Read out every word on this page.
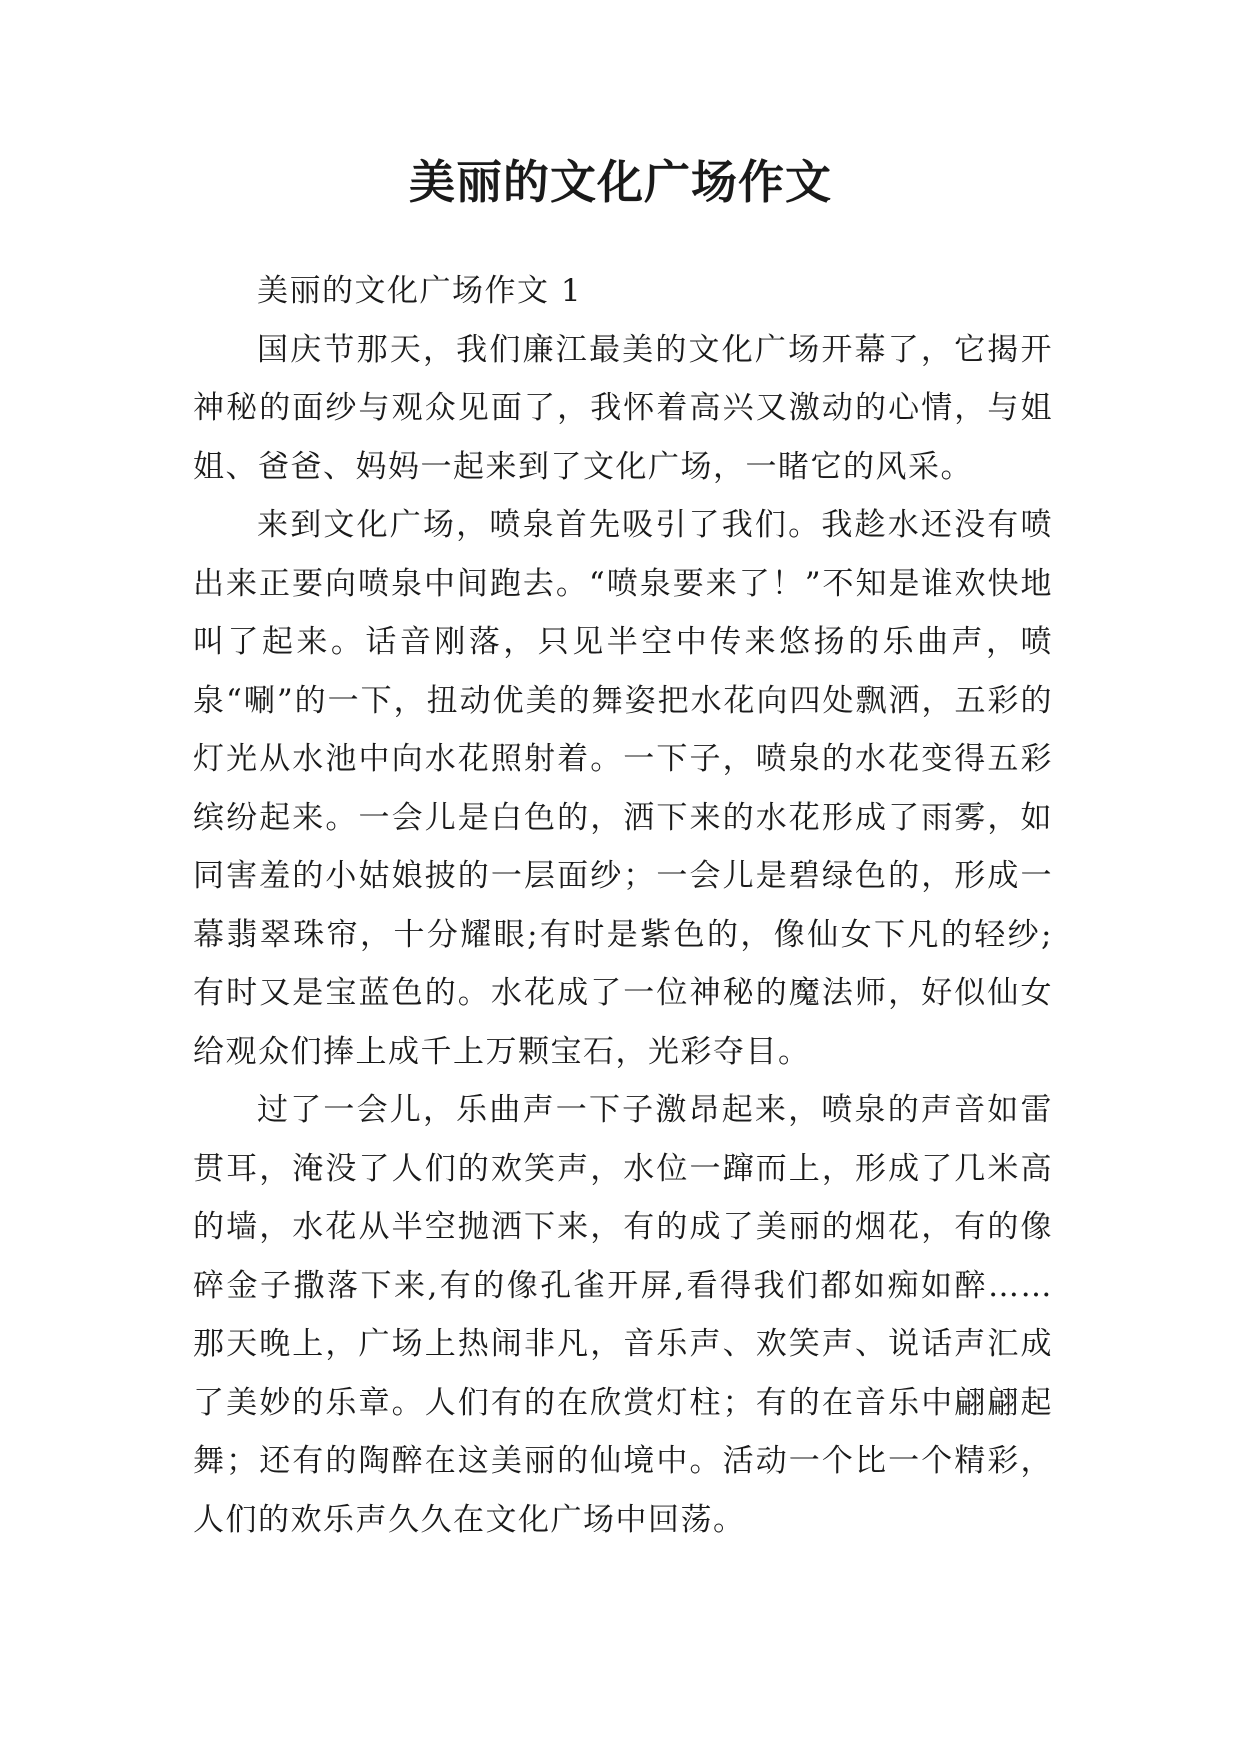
美丽的文化广场作文

美丽的文化广场作文 1

国庆节那天，我们廉江最美的文化广场开幕了，它揭开神秘的面纱与观众见面了，我怀着高兴又激动的心情，与姐姐、爸爸、妈妈一起来到了文化广场，一睹它的风采。

来到文化广场，喷泉首先吸引了我们。我趁水还没有喷出来正要向喷泉中间跑去。“喷泉要来了！”不知是谁欢快地叫了起来。话音刚落，只见半空中传来悠扬的乐曲声，喷泉“唰”的一下，扭动优美的舞姿把水花向四处飘洒，五彩的灯光从水池中向水花照射着。一下子，喷泉的水花变得五彩缤纷起来。一会儿是白色的，洒下来的水花形成了雨雾，如同害羞的小姑娘披的一层面纱；一会儿是碧绿色的，形成一幕翡翠珠帘，十分耀眼;有时是紫色的，像仙女下凡的轻纱;有时又是宝蓝色的。水花成了一位神秘的魔法师，好似仙女给观众们捧上成千上万颗宝石，光彩夺目。

过了一会儿，乐曲声一下子激昂起来，喷泉的声音如雷贯耳，淹没了人们的欢笑声，水位一蹿而上，形成了几米高的墙，水花从半空抛洒下来，有的成了美丽的烟花，有的像碎金子撒落下来,有的像孔雀开屏,看得我们都如痴如醉……那天晚上，广场上热闹非凡，音乐声、欢笑声、说话声汇成了美妙的乐章。人们有的在欣赏灯柱；有的在音乐中翩翩起舞；还有的陶醉在这美丽的仙境中。活动一个比一个精彩，人们的欢乐声久久在文化广场中回荡。
